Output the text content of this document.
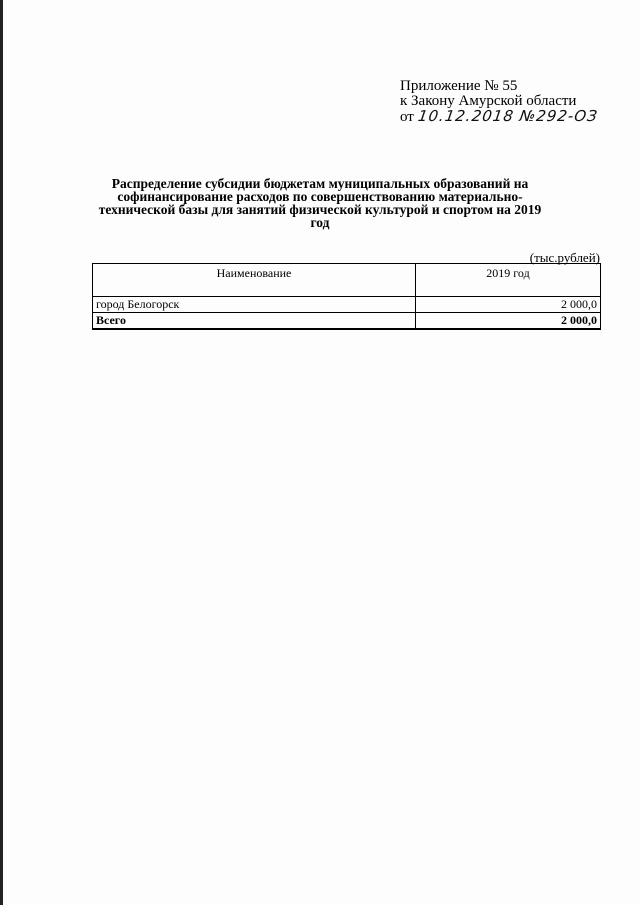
Приложение № 55
к Закону Амурской области
от 10.12.2018 №292-ОЗ
Распределение субсидии бюджетам муниципальных образований на софинансирование расходов по совершенствованию материально-технической базы для занятий физической культурой и спортом на 2019 год
(тыс.рублей)
Наименование	2019 год
город Белогорск	2 000,0
Всего	2 000,0
